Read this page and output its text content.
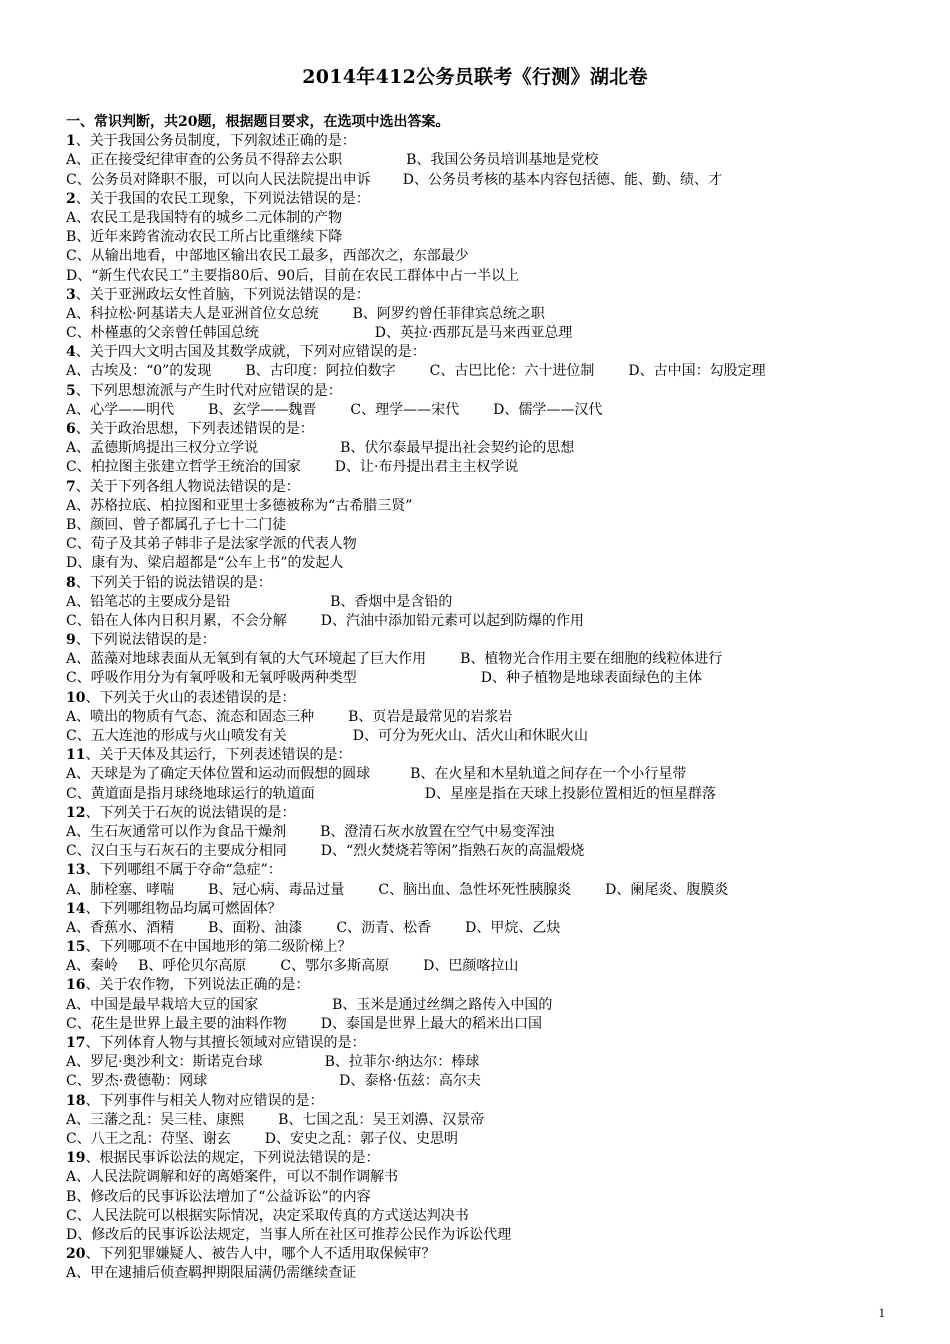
2014年412公务员联考《行测》湖北卷
一、常识判断，共20题，根据题目要求，在选项中选出答案。
1、关于我国公务员制度，下列叙述正确的是：
A、正在接受纪律审查的公务员不得辞去公职	B、我国公务员培训基地是党校
C、公务员对降职不服，可以向人民法院提出申诉 D、公务员考核的基本内容包括德、能、勤、绩、才
2、关于我国的农民工现象，下列说法错误的是：
A、农民工是我国特有的城乡二元体制的产物
B、近年来跨省流动农民工所占比重继续下降
C、从输出地看，中部地区输出农民工最多，西部次之，东部最少
D、“新生代农民工”主要指80后、90后，目前在农民工群体中占一半以上
3、关于亚洲政坛女性首脑，下列说法错误的是：
A、科拉松·阿基诺夫人是亚洲首位女总统 B、阿罗约曾任菲律宾总统之职
C、朴槿惠的父亲曾任韩国总统	D、英拉·西那瓦是马来西亚总理
4、关于四大文明古国及其数学成就，下列对应错误的是：
A、古埃及：“0”的发现 B、古印度：阿拉伯数字 C、古巴比伦：六十进位制 D、古中国：勾股定理
5、下列思想流派与产生时代对应错误的是：
A、心学——明代 B、玄学——魏晋 C、理学——宋代 D、儒学——汉代
6、关于政治思想，下列表述错误的是：
A、孟德斯鸠提出三权分立学说	B、伏尔泰最早提出社会契约论的思想
C、柏拉图主张建立哲学王统治的国家 D、让·布丹提出君主主权学说
7、关于下列各组人物说法错误的是：
A、苏格拉底、柏拉图和亚里士多德被称为“古希腊三贤”
B、颜回、曾子都属孔子七十二门徒
C、荀子及其弟子韩非子是法家学派的代表人物
D、康有为、梁启超都是“公车上书”的发起人
8、下列关于铅的说法错误的是：
A、铅笔芯的主要成分是铅	B、香烟中是含铅的
C、铅在人体内日积月累，不会分解 D、汽油中添加铅元素可以起到防爆的作用
9、下列说法错误的是：
A、蓝藻对地球表面从无氧到有氧的大气环境起了巨大作用 B、植物光合作用主要在细胞的线粒体进行
C、呼吸作用分为有氧呼吸和无氧呼吸两种类型	D、种子植物是地球表面绿色的主体
10、下列关于火山的表述错误的是：
A、喷出的物质有气态、流态和固态三种 B、页岩是最常见的岩浆岩
C、五大连池的形成与火山喷发有关	D、可分为死火山、活火山和休眠火山
11、关于天体及其运行，下列表述错误的是：
A、天球是为了确定天体位置和运动而假想的圆球	B、在火星和木星轨道之间存在一个小行星带
C、黄道面是指月球绕地球运行的轨道面	D、星座是指在天球上投影位置相近的恒星群落
12、下列关于石灰的说法错误的是：
A、生石灰通常可以作为食品干燥剂 B、澄清石灰水放置在空气中易变浑浊
C、汉白玉与石灰石的主要成分相同 D、“烈火焚烧若等闲”指熟石灰的高温煅烧
13、下列哪组不属于夺命“急症”：
A、肺栓塞、哮喘 B、冠心病、毒品过量 C、脑出血、急性坏死性胰腺炎 D、阑尾炎、腹膜炎
14、下列哪组物品均属可燃固体？
A、香蕉水、酒精 B、面粉、油漆 C、沥青、松香 D、甲烷、乙炔
15、下列哪项不在中国地形的第二级阶梯上？
A、秦岭 B、呼伦贝尔高原 C、鄂尔多斯高原 D、巴颜喀拉山
16、关于农作物，下列说法正确的是：
A、中国是最早栽培大豆的国家	B、玉米是通过丝绸之路传入中国的
C、花生是世界上最主要的油料作物 D、泰国是世界上最大的稻米出口国
17、下列体育人物与其擅长领域对应错误的是：
A、罗尼·奥沙利文：斯诺克台球	B、拉菲尔·纳达尔：棒球
C、罗杰·费德勒：网球	D、泰格·伍兹：高尔夫
18、下列事件与相关人物对应错误的是：
A、三藩之乱：吴三桂、康熙 B、七国之乱：吴王刘濞、汉景帝
C、八王之乱：苻坚、谢玄 D、安史之乱：郭子仪、史思明
19、根据民事诉讼法的规定，下列说法错误的是：
A、人民法院调解和好的离婚案件，可以不制作调解书
B、修改后的民事诉讼法增加了“公益诉讼”的内容
C、人民法院可以根据实际情况，决定采取传真的方式送达判决书
D、修改后的民事诉讼法规定，当事人所在社区可推荐公民作为诉讼代理
20、下列犯罪嫌疑人、被告人中，哪个人不适用取保候审？
A、甲在逮捕后侦查羁押期限届满仍需继续查证
1
